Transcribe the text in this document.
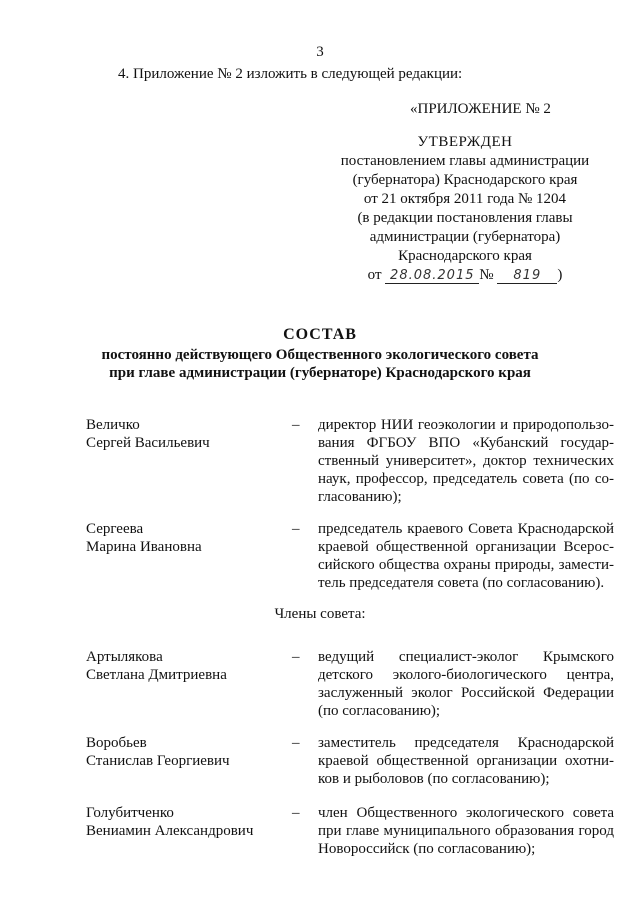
3
4. Приложение № 2 изложить в следующей редакции:
«ПРИЛОЖЕНИЕ № 2
УТВЕРЖДЕН
постановлением главы администрации
(губернатора) Краснодарского края
от 21 октября 2011 года № 1204
(в редакции постановления главы
администрации (губернатора)
Краснодарского края
от 28.08.2015 № 819 )
СОСТАВ
постоянно действующего Общественного экологического совета
при главе администрации (губернаторе) Краснодарского края
Величко
Сергей Васильевич
– директор НИИ геоэкологии и природопользо-
вания ФГБОУ ВПО «Кубанский государ-
ственный университет», доктор технических
наук, профессор, председатель совета (по со-
гласованию);
Сергеева
Марина Ивановна
– председатель краевого Совета Краснодарской
краевой общественной организации Всерос-
сийского общества охраны природы, замести-
тель председателя совета (по согласованию).
Члены совета:
Артылякова
Светлана Дмитриевна
– ведущий специалист-эколог Крымского
детского эколого-биологического центра,
заслуженный эколог Российской Федерации
(по согласованию);
Воробьев
Станислав Георгиевич
– заместитель председателя Краснодарской
краевой общественной организации охотни-
ков и рыболовов (по согласованию);
Голубитченко
Вениамин Александрович
– член Общественного экологического совета
при главе муниципального образования город
Новороссийск (по согласованию);
